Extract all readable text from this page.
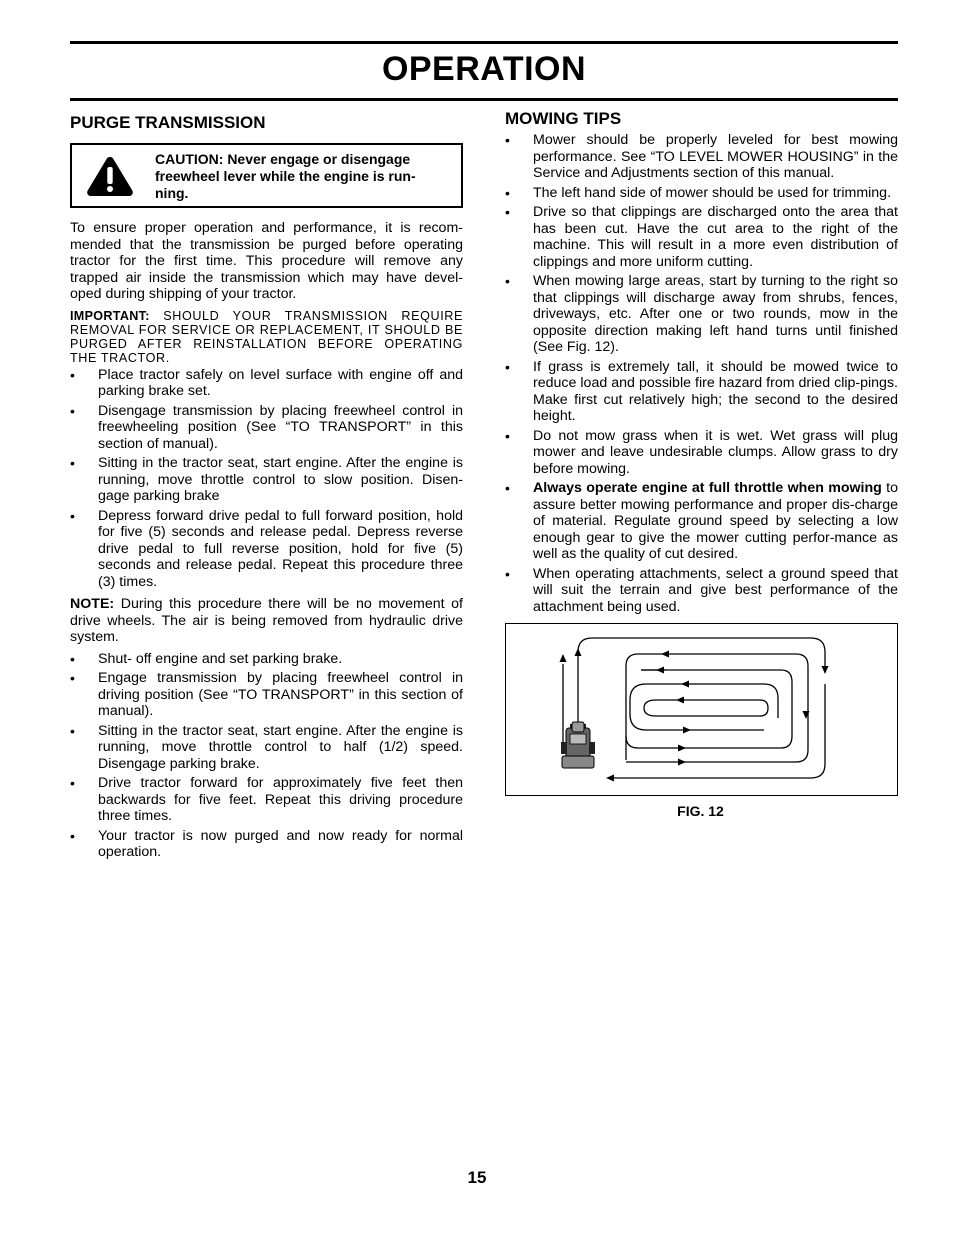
OPERATION
PURGE TRANSMISSION
CAUTION: Never engage or disengage freewheel lever while the engine is run-ning.

To ensure proper operation and performance, it is recom-mended that the transmission be purged before operating tractor for the first time. This procedure will remove any trapped air inside the transmission which may have devel-oped during shipping of your tractor.

IMPORTANT: SHOULD YOUR TRANSMISSION REQUIRE REMOVAL FOR SERVICE OR REPLACEMENT, IT SHOULD BE PURGED AFTER REINSTALLATION BEFORE OPERATING THE TRACTOR.
• Place tractor safely on level surface with engine off and parking brake set.
• Disengage transmission by placing freewheel control in freewheeling position (See “TO TRANSPORT” in this section of manual).
• Sitting in the tractor seat, start engine. After the engine is running, move throttle control to slow position. Disen-gage parking brake
• Depress forward drive pedal to full forward position, hold for five (5) seconds and release pedal. Depress reverse drive pedal to full reverse position, hold for five (5) seconds and release pedal. Repeat this procedure three (3) times.

NOTE: During this procedure there will be no movement of drive wheels. The air is being removed from hydraulic drive system.

• Shut- off engine and set parking brake.
• Engage transmission by placing freewheel control in driving position (See “TO TRANSPORT” in this section of manual).
• Sitting in the tractor seat, start engine. After the engine is running, move throttle control to half (1/2) speed. Disengage parking brake.
• Drive tractor forward for approximately five feet then backwards for five feet. Repeat this driving procedure three times.
• Your tractor is now purged and now ready for normal operation.
MOWING TIPS
• Mower should be properly leveled for best mowing performance. See “TO LEVEL MOWER HOUSING” in the Service and Adjustments section of this manual.
• The left hand side of mower should be used for trimming.
• Drive so that clippings are discharged onto the area that has been cut. Have the cut area to the right of the machine. This will result in a more even distribution of clippings and more uniform cutting.
• When mowing large areas, start by turning to the right so that clippings will discharge away from shrubs, fences, driveways, etc. After one or two rounds, mow in the opposite direction making left hand turns until finished (See Fig. 12).
• If grass is extremely tall, it should be mowed twice to reduce load and possible fire hazard from dried clip-pings. Make first cut relatively high; the second to the desired height.
• Do not mow grass when it is wet. Wet grass will plug mower and leave undesirable clumps. Allow grass to dry before mowing.
• Always operate engine at full throttle when mowing to assure better mowing performance and proper dis-charge of material. Regulate ground speed by selecting a low enough gear to give the mower cutting perfor-mance as well as the quality of cut desired.
• When operating attachments, select a ground speed that will suit the terrain and give best performance of the attachment being used.
FIG. 12
15
